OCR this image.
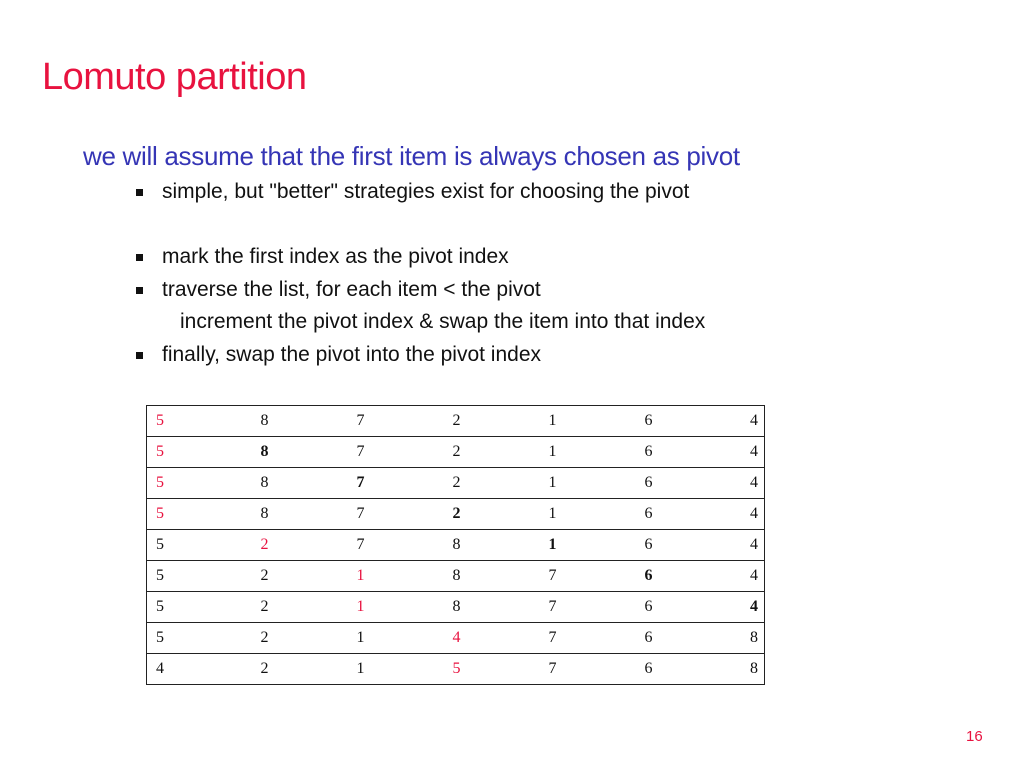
Lomuto partition
we will assume that the first item is always chosen as pivot
simple, but "better" strategies exist for choosing the pivot
mark the first index as the pivot index
traverse the list, for each item < the pivot
increment the pivot index & swap the item into that index
finally, swap the pivot into the pivot index
5	8	7	2	1	6	4
5	8	7	2	1	6	4
5	8	7	2	1	6	4
5	8	7	2	1	6	4
5	2	7	8	1	6	4
5	2	1	8	7	6	4
5	2	1	8	7	6	4
5	2	1	4	7	6	8
4	2	1	5	7	6	8
16
